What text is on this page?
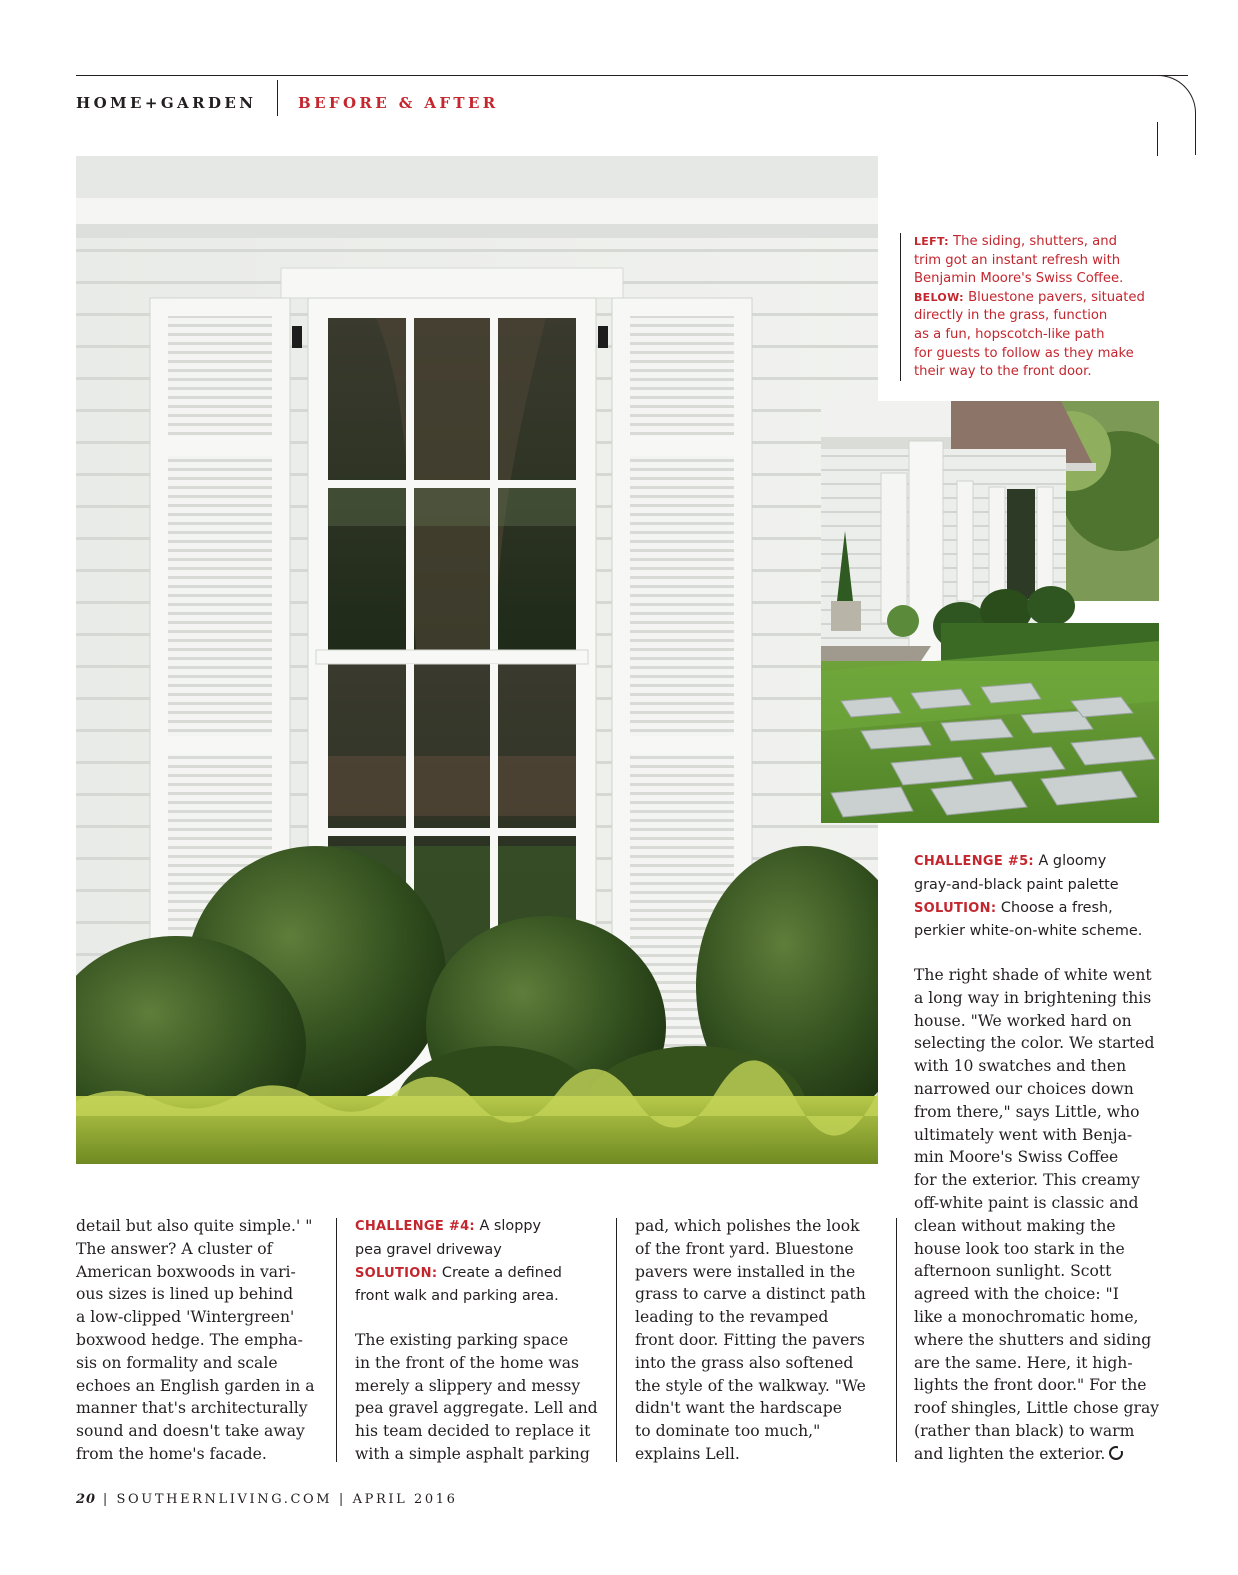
HOME+GARDEN	BEFORE & AFTER
LEFT: The siding, shutters, and
trim got an instant refresh with
Benjamin Moore's Swiss Coffee.
BELOW: Bluestone pavers, situated
directly in the grass, function
as a fun, hopscotch-like path
for guests to follow as they make
their way to the front door.
CHALLENGE #5: A gloomy
gray-and-black paint palette
SOLUTION: Choose a fresh,
perkier white-on-white scheme.

The right shade of white went

a long way in brightening this

house. "We worked hard on

selecting the color. We started

with 10 swatches and then

narrowed our choices down

from there," says Little, who

ultimately went with Benja-

min Moore's Swiss Coffee

for the exterior. This creamy

off-white paint is classic and

clean without making the

house look too stark in the

afternoon sunlight. Scott

agreed with the choice: "I

like a monochromatic home,

where the shutters and siding

are the same. Here, it high-

lights the front door." For the

roof shingles, Little chose gray

(rather than black) to warm

and lighten the exterior.

detail but also quite simple.' "

The answer? A cluster of

American boxwoods in vari-

ous sizes is lined up behind

a low-clipped 'Wintergreen'

boxwood hedge. The empha-

sis on formality and scale

echoes an English garden in a

manner that's architecturally

sound and doesn't take away

from the home's facade.

CHALLENGE #4: A sloppy
pea gravel driveway
SOLUTION: Create a defined
front walk and parking area.

The existing parking space

in the front of the home was

merely a slippery and messy

pea gravel aggregate. Lell and

his team decided to replace it

with a simple asphalt parking

pad, which polishes the look

of the front yard. Bluestone

pavers were installed in the

grass to carve a distinct path

leading to the revamped

front door. Fitting the pavers

into the grass also softened

the style of the walkway. "We

didn't want the hardscape

to dominate too much,"

explains Lell.

20 | SOUTHERNLIVING.COM | APRIL 2016
